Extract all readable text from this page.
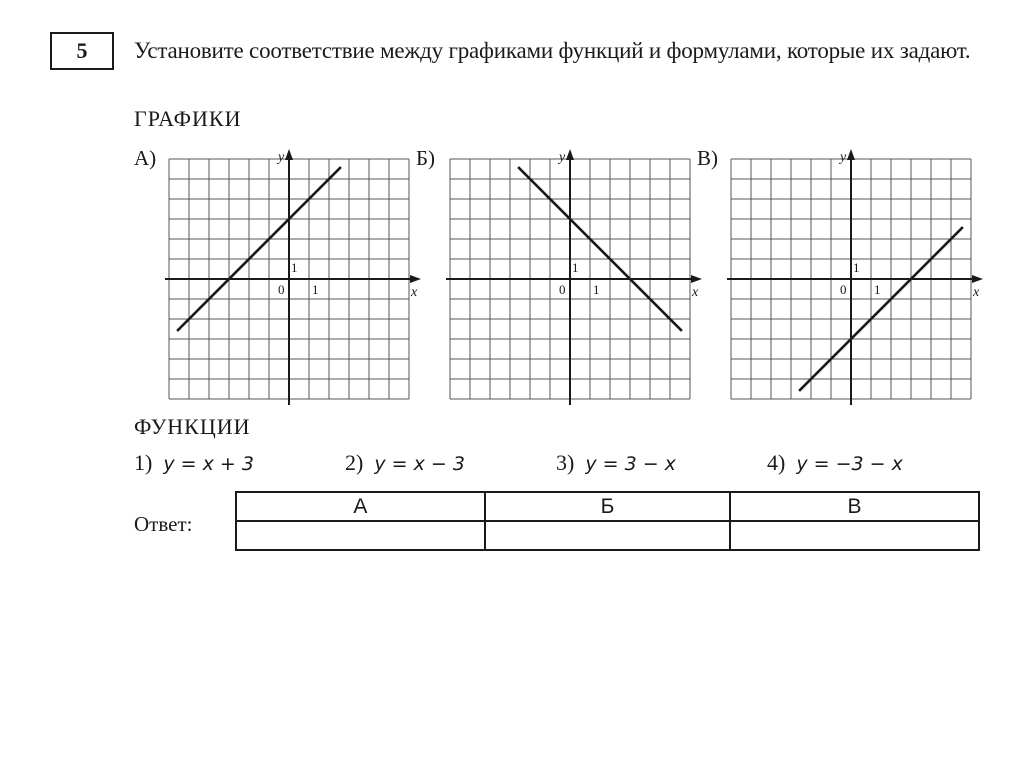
5	Установите соответствие между графиками функций и формулами, которые их задают.
ГРАФИКИ
А)	Б)	В)
x
y
0 1
1
x
y
0 1
1
x
y
0 1
1
ФУНКЦИИ
1) y = x + 3	2) y = x − 3	3) y = 3 − x	4) y = −3 − x
Ответ:
А	Б	В
